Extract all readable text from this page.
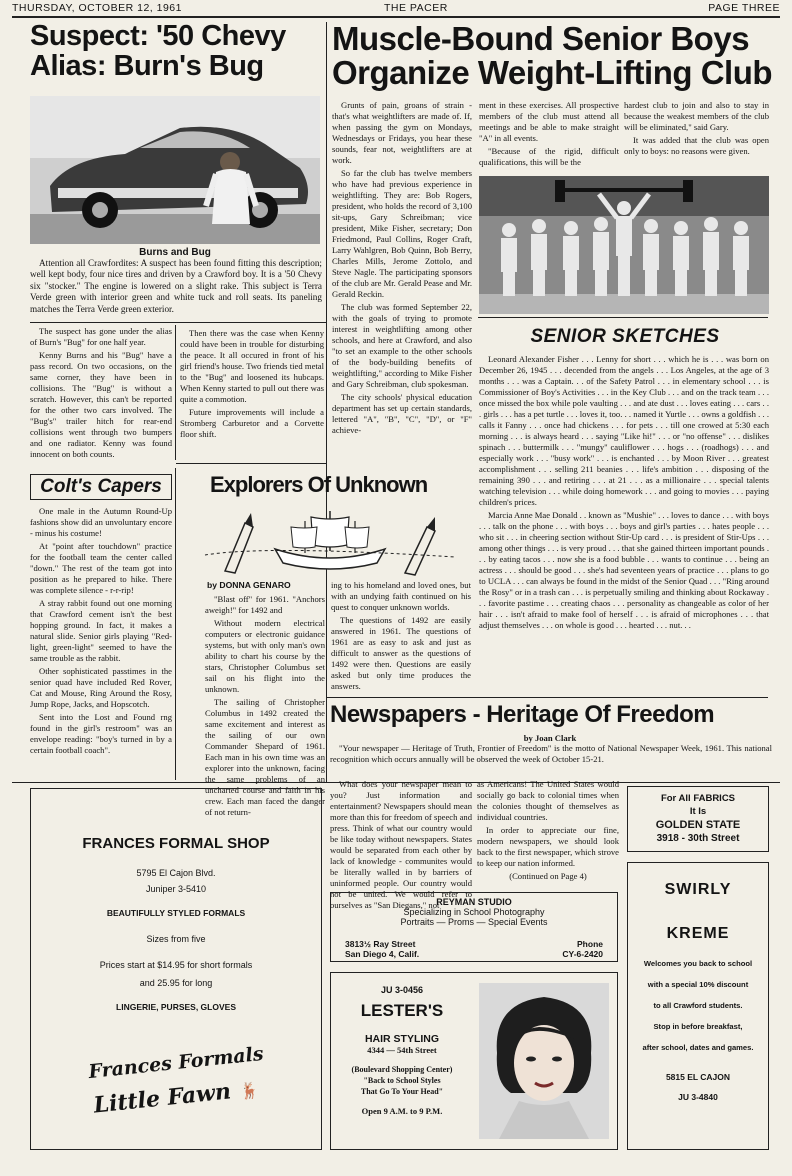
THURSDAY, OCTOBER 12, 1961	THE PACER	PAGE THREE
Suspect: '50 Chevy
Alias: Burn's Bug
Burns and Bug

Attention all Crawfordites: A suspect has been found fitting this description; well kept body, four nice tires and driven by a Crawford boy. It is a '50 Chevy six "stocker." The engine is lowered on a slight rake. This subject is Terra Verde green with interior green and white tuck and roll seats. Its paneling matches the Terra Verde green exterior.

The suspect has gone under the alias of Burn's "Bug" for one half year.

Kenny Burns and his "Bug" have a pass record. On two occasions, on the same corner, they have been in collisions. The "Bug" is without a scratch. However, this can't be reported for the other two cars involved. The "Bug's" trailer hitch for rear-end collisions went through two bumpers and one radiator. Kenny was found innocent on both counts.

Then there was the case when Kenny could have been in trouble for disturbing the peace. It all occured in front of his girl friend's house. Two friends tied metal to the "Bug" and loosened its hubcaps. When Kenny started to pull out there was quite a commotion.

Future improvements will include a Stromberg Carburetor and a Corvette floor shift.

Colt's Capers

One male in the Autumn Round-Up fashions show did an unvoluntary encore - minus his costume!

At "point after touchdown" practice for the football team the center called "down." The rest of the team got into position as he prepared to hike. There was complete silence - r-r-rip!

A stray rabbit found out one morning that Crawford cement isn't the best hopping ground. In fact, it makes a natural slide. Senior girls playing "Red-light, green-light" seemed to have the same trouble as the rabbit.

Other sophisticated passtimes in the senior quad have included Red Rover, Cat and Mouse, Ring Around the Rosy, Jump Rope, Jacks, and Hopscotch.

Sent into the Lost and Found rng found in the girl's restroom" was an envelope reading: "boy's turned in by a certain football coach".

Explorers Of Unknown
by DONNA GENARO

"Blast off" for 1961. "Anchors aweigh!" for 1492 and

Without modern electrical computers or electronic guidance systems, but with only man's own ability to chart his course by the stars, Christopher Columbus set sail on his flight into the unknown.

The sailing of Christopher Columbus in 1492 created the same excitement and interest as the sailing of our own Commander Shepard of 1961. Each man in his own time was an explorer into the unknown, facing the same problems of an uncharted course and faith in his crew. Each man faced the danger of not return-

ing to his homeland and loved ones, but with an undying faith continued on his quest to conquer unknown worlds.

The questions of 1492 are easily answered in 1961. The questions of 1961 are as easy to ask and just as difficult to answer as the questions of 1492 were then. Questions are easily asked but only time produces the answers.

Muscle-Bound Senior Boys
Organize Weight-Lifting Club

Grunts of pain, groans of strain - that's what weightlifters are made of. If, when passing the gym on Mondays, Wednesdays or Fridays, you hear these sounds, fear not, weightlifters are at work.

So far the club has twelve members who have had previous experience in weightlifting. They are: Bob Rogers, president, who holds the record of 3,100 sit-ups, Gary Schreibman; vice president, Mike Fisher, secretary; Don Friedmond, Paul Collins, Roger Craft, Larry Wahlgren, Bob Quinn, Bob Berry, Charles Mills, Jerome Zottolo, and Steve Nagle. The participating sponsors of the club are Mr. Gerald Pease and Mr. Gerald Reckin.

The club was formed September 22, with the goals of trying to promote interest in weightlifting among other schools, and here at Crawford, and also "to set an example to the other schools of the body-building benefits of weightlifting," according to Mike Fisher and Gary Schreibman, club spokesman.

The city schools' physical education department has set up certain standards, lettered "A", "B", "C", "D", or "F" achieve-

ment in these exercises. All prospective members of the club must attend all meetings and be able to make straight "A" in all events.

"Because of the rigid, difficult qualifications, this will be the

hardest club to join and also to stay in because the weakest members of the club will be eliminated," said Gary.

It was added that the club was open only to boys: no reasons were given.

SENIOR SKETCHES

Leonard Alexander Fisher . . . Lenny for short . . . which he is . . . was born on December 26, 1945 . . . decended from the angels . . . Los Angeles, at the age of 3 months . . . was a Captain. . . of the Safety Patrol . . . in elementary school . . . is Commissioner of Boy's Activities . . . in the Key Club . . . and on the track team . . . once missed the box while pole vaulting . . . and ate dust . . . loves eating . . . cars . . . girls . . . has a pet turtle . . . loves it, too. . . named it Yurtle . . . owns a goldfish . . . calls it Fanny . . . once had chickens . . . for pets . . . till one crowed at 5:30 each morning . . . is always heard . . . saying "Like hi!" . . . or "no offense" . . . dislikes spinach . . . buttermilk . . . "mungy" cauliflower . . . hogs . . . (roadhogs) . . . and especially work . . . "busy work" . . . is enchanted . . . by Moon River . . . greatest accomplishment . . . selling 211 beanies . . . life's ambition . . . disposing of the remaining 390 . . . and retiring . . . at 21 . . . as a millionaire . . . special talents watching television . . . while doing homework . . . and going to movies . . . paying children's prices.

Marcia Anne Mae Donald . . known as "Mushie" . . . loves to dance . . . with boys . . . talk on the phone . . . with boys . . . boys and girl's parties . . . hates people . . . who sit . . . in cheering section without Stir-Up card . . . is president of Stir-Ups . . . among other things . . . is very proud . . . that she gained thirteen important pounds . . . by eating tacos . . . now she is a food bubble . . . wants to continue . . . being an actress . . . should be good . . . she's had seventeen years of practice . . . plans to go to UCLA . . . can always be found in the midst of the Senior Quad . . . "Ring around the Rosy" or in a trash can . . . is perpetually smiling and thinking about Rockaway . . . favorite pastime . . . creating chaos . . . personality as changeable as color of her hair . . . isn't afraid to make fool of herself . . . is afraid of microphones . . . that adjust themselves . . . on whole is good . . . hearted . . . nut. . .

Newspapers - Heritage Of Freedom
by Joan Clark

"Your newspaper — Heritage of Truth, Frontier of Freedom" is the motto of National Newspaper Week, 1961. This national recognition which occurs annually will be observed the week of October 15-21.

What does your newspaper mean to you? Just information and entertainment? Newspapers should mean more than this for freedom of speech and press. Think of what our country would be like today without newspapers. States would be separated from each other by lack of knowledge - communites would be literally walled in by barriers of uninformed people. Our country would not be united. We would refer to ourselves as "San Diegans," not

as Americans! The United States would socially go back to colonial times when the colonies thought of themselves as individual countries.

In order to appreciate our fine, modern newspapers, we should look back to the first newspaper, which strove to keep our nation informed.

(Continued on Page 4)
FRANCES FORMAL SHOP
5795 El Cajon Blvd.
Juniper 3-5410
BEAUTIFULLY STYLED FORMALS
Sizes from five
Prices start at $14.95 for short formals
and 25.95 for long
LINGERIE, PURSES, GLOVES
Frances Formals
Little Fawn 🦌
For All FABRICS
It Is
GOLDEN STATE
3918 - 30th Street
REYMAN STUDIO
Specializing in School Photography
Portraits — Proms — Special Events
3813½ Ray Street
San Diego 4, Calif.
Phone
CY-6-2420
JU 3-0456
LESTER'S
HAIR STYLING
4344 — 54th Street
(Boulevard Shopping Center)
"Back to School Styles
That Go To Your Head"
Open 9 A.M. to 9 P.M.
SWIRLY
KREME
Welcomes you back to school
with a special 10% discount
to all Crawford students.
Stop in before breakfast,
after school, dates and games.
5815 EL CAJON
JU 3-4840
